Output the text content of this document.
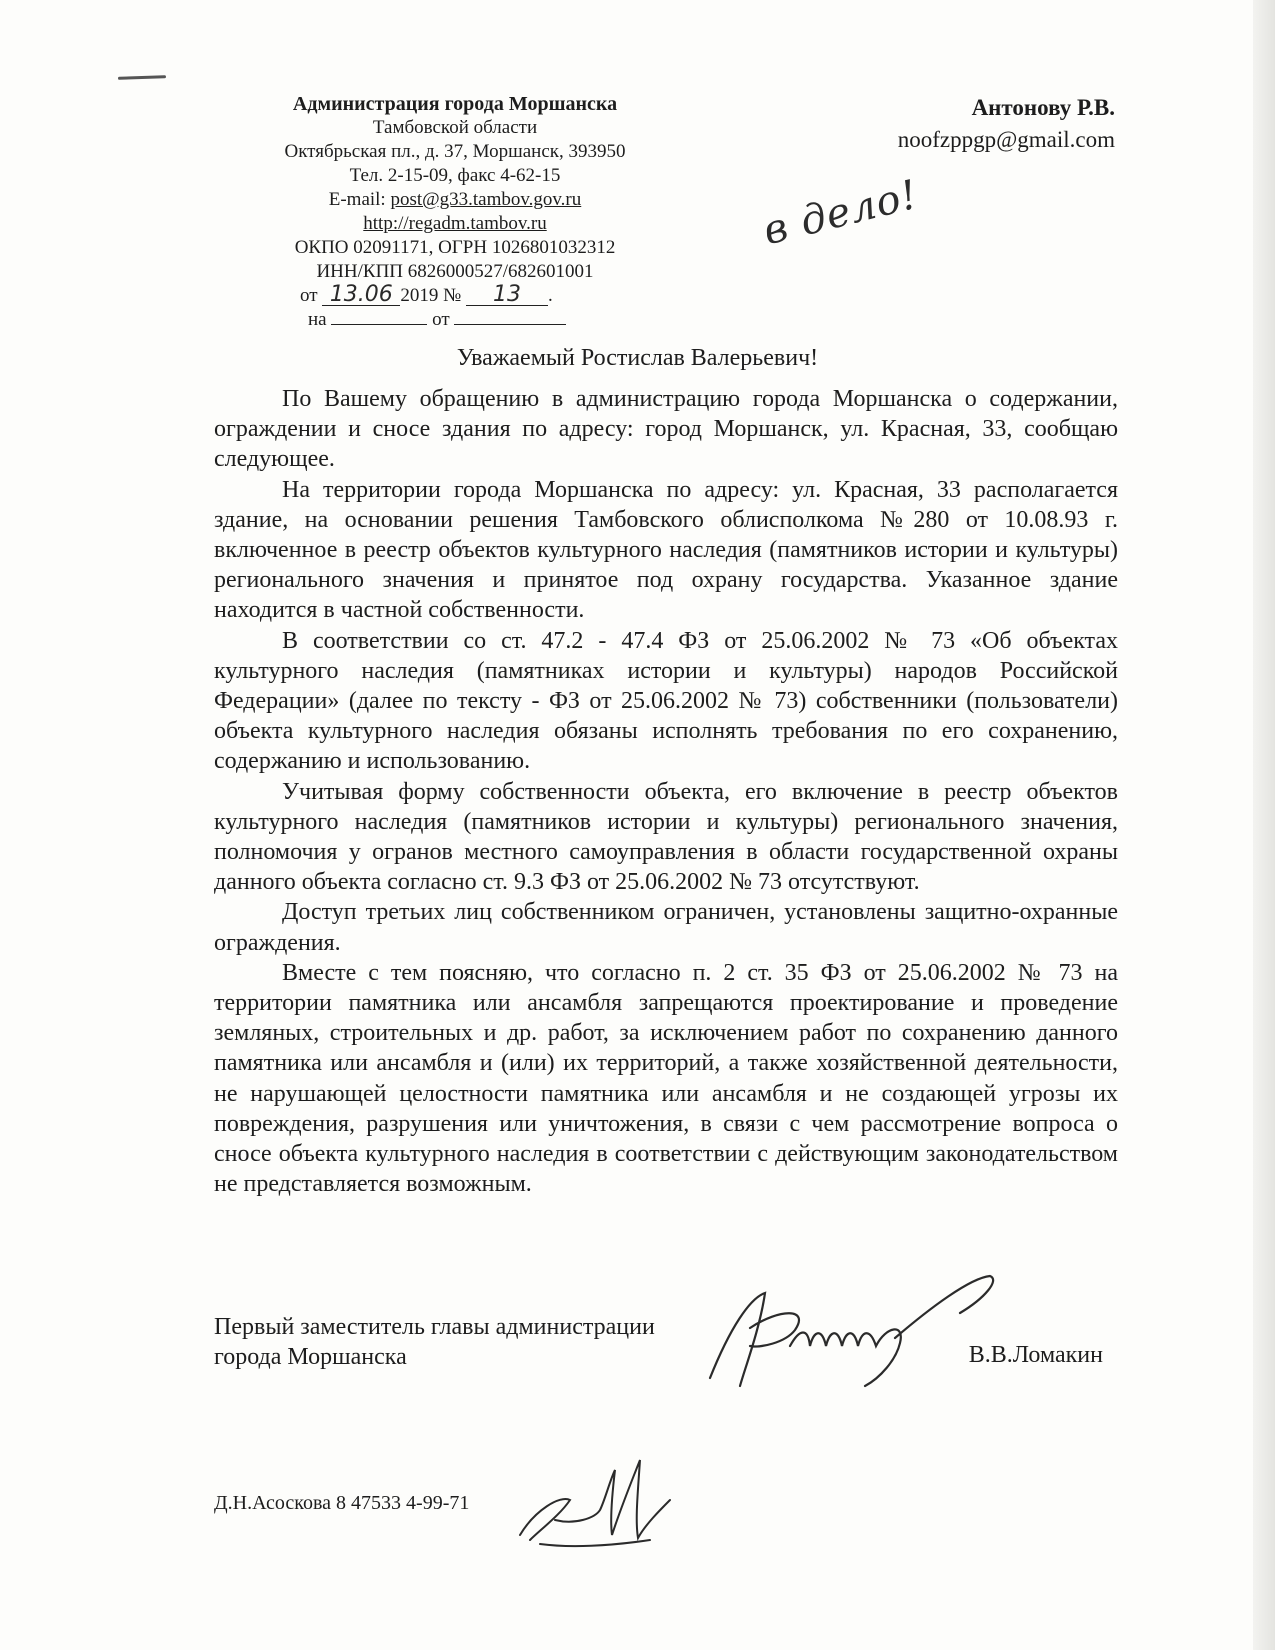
Администрация города Моршанска
Тамбовской области
Октябрьская пл., д. 37, Моршанск, 393950
Тел. 2-15-09, факс 4-62-15
E-mail: post@g33.tambov.gov.ru
http://regadm.tambov.ru
ОКПО 02091171, ОГРН 1026801032312
ИНН/КПП 6826000527/682601001
от 13.06 2019 № 13 .
на	от
Антонову Р.В.
noofzppgp@gmail.com
в дело!
Уважаемый Ростислав Валерьевич!

По Вашему обращению в администрацию города Моршанска о содержании, ограждении и сносе здания по адресу: город Моршанск, ул. Красная, 33, сообщаю следующее.

На территории города Моршанска по адресу: ул. Красная, 33 располагается здание, на основании решения Тамбовского облисполкома №280 от 10.08.93 г. включенное в реестр объектов культурного наследия (памятников истории и культуры) регионального значения и принятое под охрану государства. Указанное здание находится в частной собственности.

В соответствии со ст. 47.2 - 47.4 ФЗ от 25.06.2002 № 73 «Об объектах культурного наследия (памятниках истории и культуры) народов Российской Федерации» (далее по тексту - ФЗ от 25.06.2002 № 73) собственники (пользователи) объекта культурного наследия обязаны исполнять требования по его сохранению, содержанию и использованию.

Учитывая форму собственности объекта, его включение в реестр объектов культурного наследия (памятников истории и культуры) регионального значения, полномочия у огранов местного самоуправления в области государственной охраны данного объекта согласно ст. 9.3 ФЗ от 25.06.2002 № 73 отсутствуют.

Доступ третьих лиц собственником ограничен, установлены защитно-охранные ограждения.

Вместе с тем поясняю, что согласно п. 2 ст. 35 ФЗ от 25.06.2002 № 73 на территории памятника или ансамбля запрещаются проектирование и проведение земляных, строительных и др. работ, за исключением работ по сохранению данного памятника или ансамбля и (или) их территорий, а также хозяйственной деятельности, не нарушающей целостности памятника или ансамбля и не создающей угрозы их повреждения, разрушения или уничтожения, в связи с чем рассмотрение вопроса о сносе объекта культурного наследия в соответствии с действующим законодательством не представляется возможным.

Первый заместитель главы администрации
города Моршанска	В.В.Ломакин
Д.Н.Асоскова 8 47533 4-99-71
